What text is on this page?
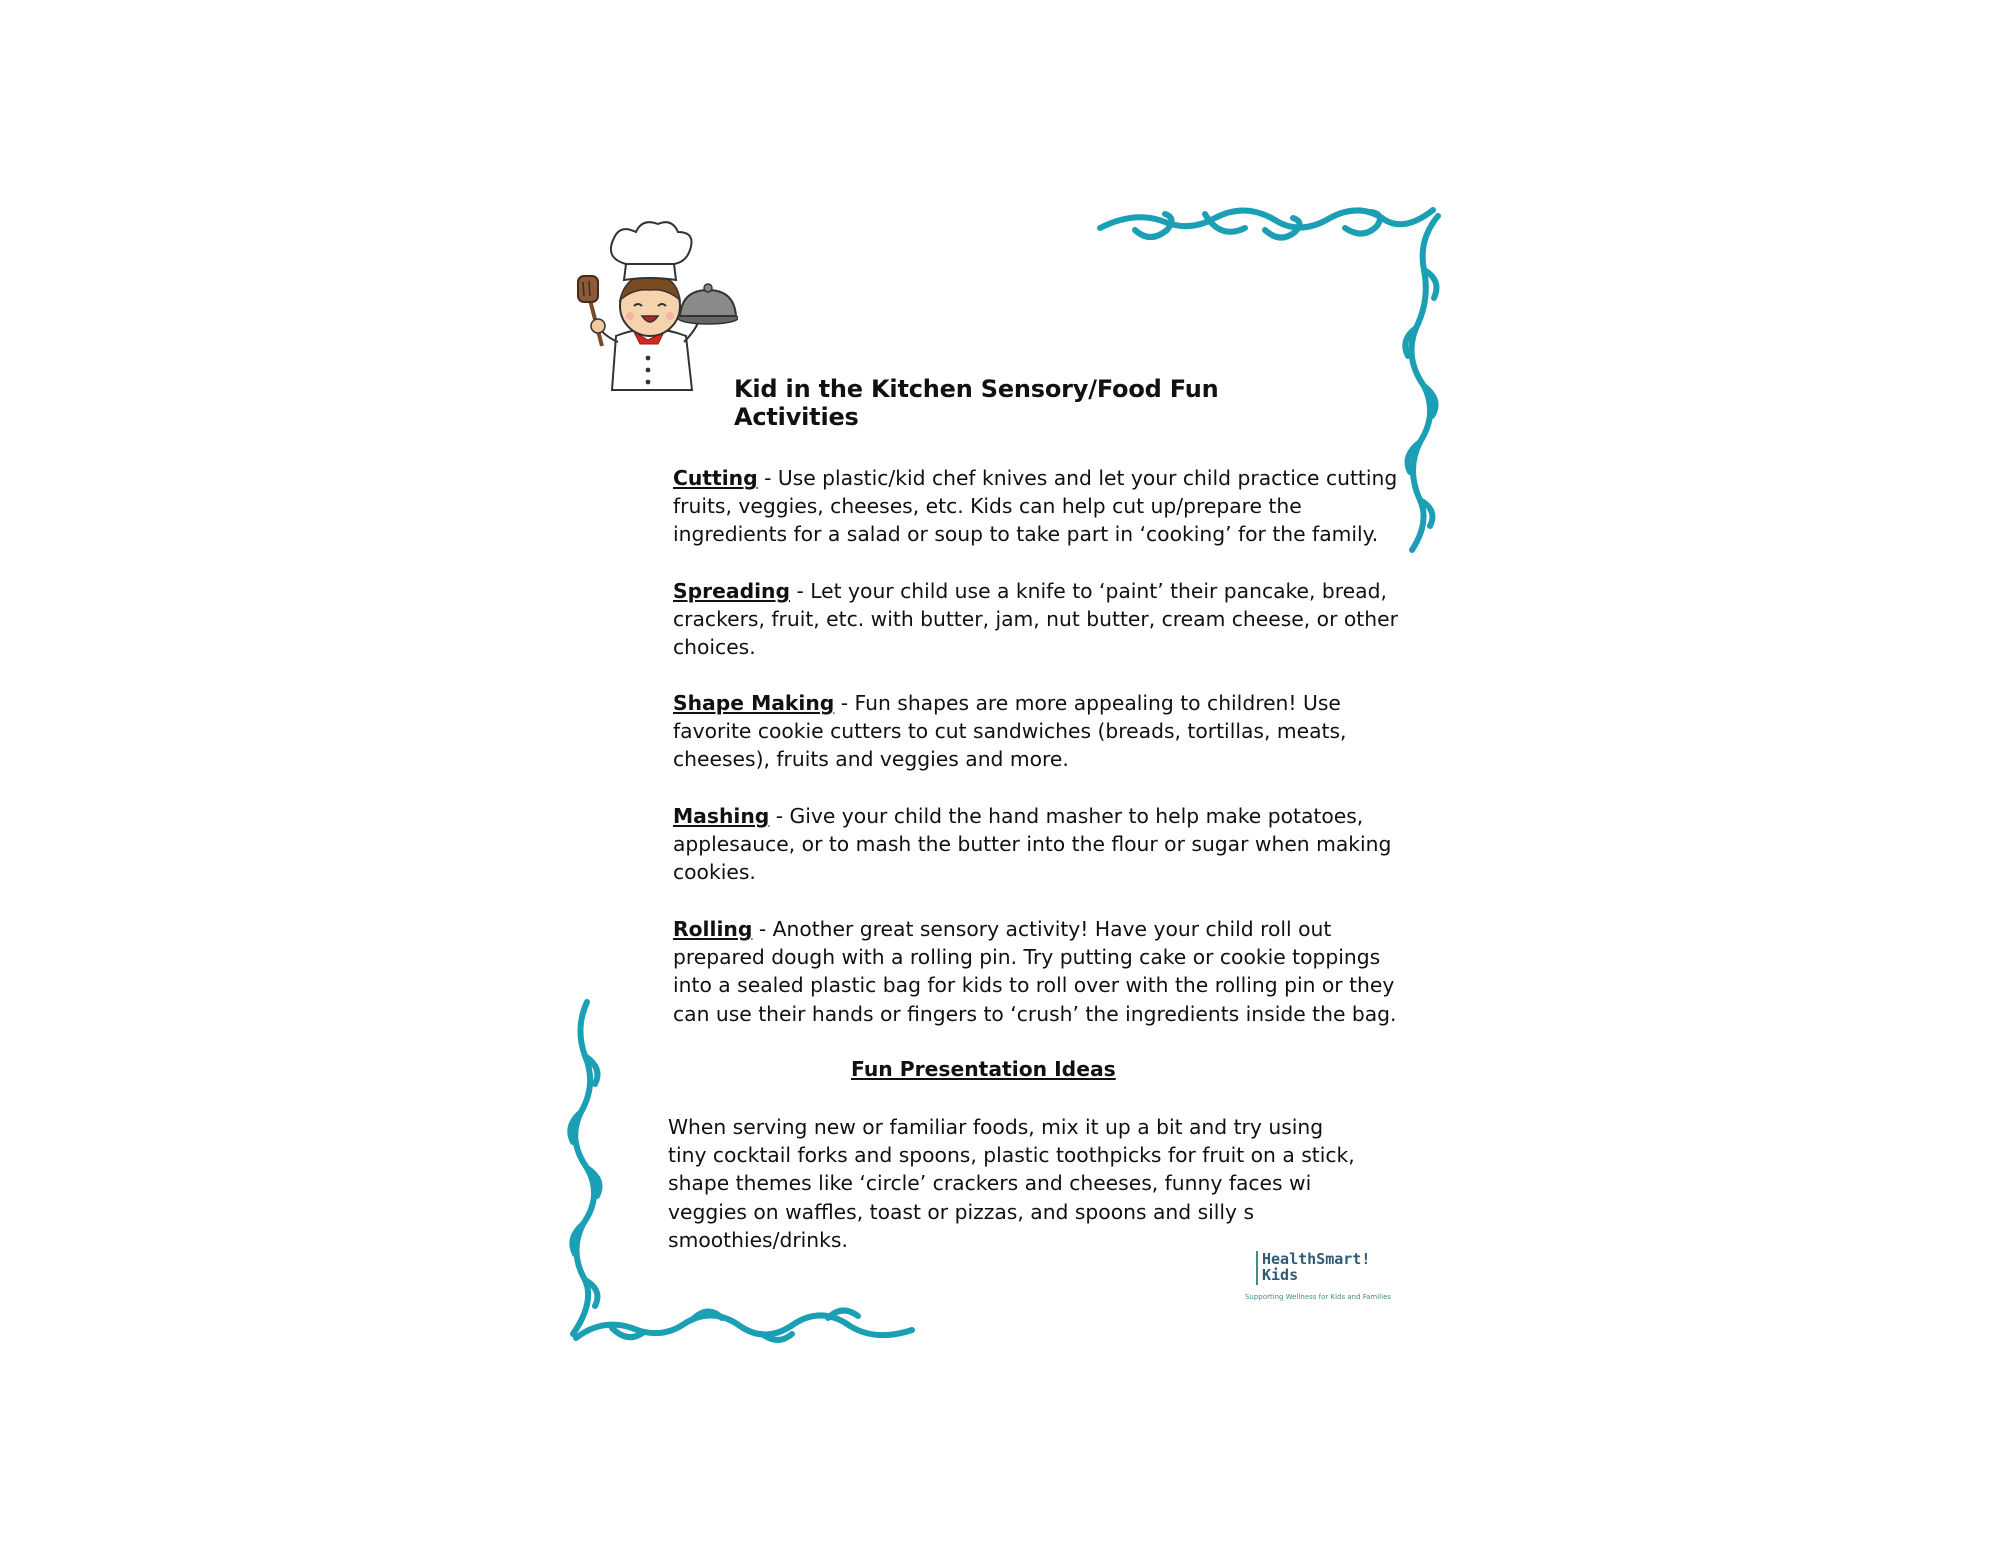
Kid in the Kitchen Sensory/Food Fun Activities

Cutting - Use plastic/kid chef knives and let your child practice cutting fruits, veggies, cheeses, etc. Kids can help cut up/prepare the ingredients for a salad or soup to take part in ‘cooking’ for the family.

Spreading - Let your child use a knife to ‘paint’ their pancake, bread, crackers, fruit, etc. with butter, jam, nut butter, cream cheese, or other choices.

Shape Making - Fun shapes are more appealing to children! Use favorite cookie cutters to cut sandwiches (breads, tortillas, meats, cheeses), fruits and veggies and more.

Mashing - Give your child the hand masher to help make potatoes, applesauce, or to mash the butter into the flour or sugar when making cookies.

Rolling - Another great sensory activity! Have your child roll out prepared dough with a rolling pin. Try putting cake or cookie toppings into a sealed plastic bag for kids to roll over with the rolling pin or they can use their hands or fingers to ‘crush’ the ingredients inside the bag.

Fun Presentation Ideas

When serving new or familiar foods, mix it up a bit and try using tiny cocktail forks and spoons, plastic toothpicks for fruit on a stick, shape themes like ‘circle’ crackers and cheeses, funny faces wi veggies on waffles, toast or pizzas, and spoons and silly s smoothies/drinks.

HealthSmart!
Kids
Supporting Wellness for Kids and Families
